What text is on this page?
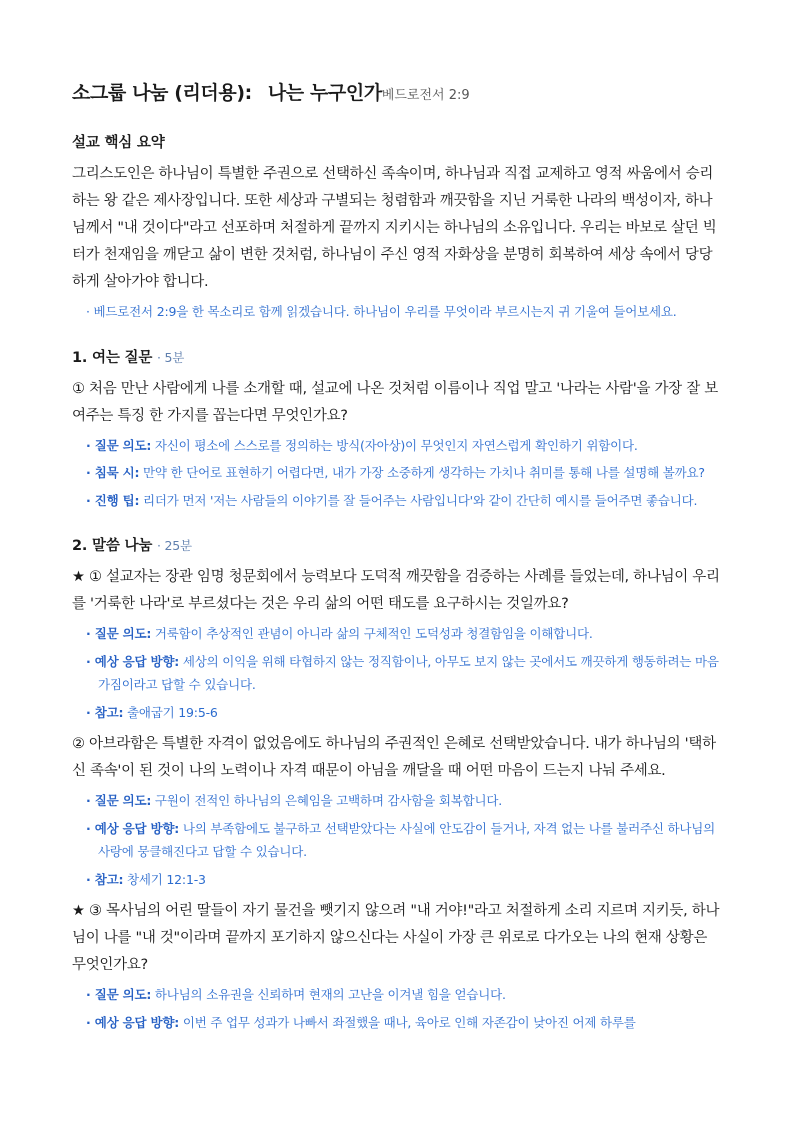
소그룹 나눔 (리더용): 나는 누구인가 베드로전서 2:9
설교 핵심 요약

그리스도인은 하나님이 특별한 주권으로 선택하신 족속이며, 하나님과 직접 교제하고 영적 싸움에서 승리하는 왕 같은 제사장입니다. 또한 세상과 구별되는 청렴함과 깨끗함을 지닌 거룩한 나라의 백성이자, 하나님께서 "내 것이다"라고 선포하며 처절하게 끝까지 지키시는 하나님의 소유입니다. 우리는 바보로 살던 빅터가 천재임을 깨닫고 삶이 변한 것처럼, 하나님이 주신 영적 자화상을 분명히 회복하여 세상 속에서 당당하게 살아가야 합니다.

· 베드로전서 2:9을 한 목소리로 함께 읽겠습니다. 하나님이 우리를 무엇이라 부르시는지 귀 기울여 들어보세요.
1. 여는 질문 · 5분

① 처음 만난 사람에게 나를 소개할 때, 설교에 나온 것처럼 이름이나 직업 말고 '나라는 사람'을 가장 잘 보여주는 특징 한 가지를 꼽는다면 무엇인가요?

· 질문 의도: 자신이 평소에 스스로를 정의하는 방식(자아상)이 무엇인지 자연스럽게 확인하기 위함이다.
· 침묵 시: 만약 한 단어로 표현하기 어렵다면, 내가 가장 소중하게 생각하는 가치나 취미를 통해 나를 설명해 볼까요?
· 진행 팁: 리더가 먼저 '저는 사람들의 이야기를 잘 들어주는 사람입니다'와 같이 간단히 예시를 들어주면 좋습니다.
2. 말씀 나눔 · 25분

★ ① 설교자는 장관 임명 청문회에서 능력보다 도덕적 깨끗함을 검증하는 사례를 들었는데, 하나님이 우리를 '거룩한 나라'로 부르셨다는 것은 우리 삶의 어떤 태도를 요구하시는 것일까요?

· 질문 의도: 거룩함이 추상적인 관념이 아니라 삶의 구체적인 도덕성과 청결함임을 이해합니다.
· 예상 응답 방향: 세상의 이익을 위해 타협하지 않는 정직함이나, 아무도 보지 않는 곳에서도 깨끗하게 행동하려는 마음가짐이라고 답할 수 있습니다.
· 참고: 출애굽기 19:5-6

② 아브라함은 특별한 자격이 없었음에도 하나님의 주권적인 은혜로 선택받았습니다. 내가 하나님의 '택하신 족속'이 된 것이 나의 노력이나 자격 때문이 아님을 깨달을 때 어떤 마음이 드는지 나눠 주세요.

· 질문 의도: 구원이 전적인 하나님의 은혜임을 고백하며 감사함을 회복합니다.
· 예상 응답 방향: 나의 부족함에도 불구하고 선택받았다는 사실에 안도감이 들거나, 자격 없는 나를 불러주신 하나님의 사랑에 뭉클해진다고 답할 수 있습니다.
· 참고: 창세기 12:1-3

★ ③ 목사님의 어린 딸들이 자기 물건을 뺏기지 않으려 "내 거야!"라고 처절하게 소리 지르며 지키듯, 하나님이 나를 "내 것"이라며 끝까지 포기하지 않으신다는 사실이 가장 큰 위로로 다가오는 나의 현재 상황은 무엇인가요?

· 질문 의도: 하나님의 소유권을 신뢰하며 현재의 고난을 이겨낼 힘을 얻습니다.
· 예상 응답 방향: 이번 주 업무 성과가 나빠서 좌절했을 때나, 육아로 인해 자존감이 낮아진 어제 하루를
